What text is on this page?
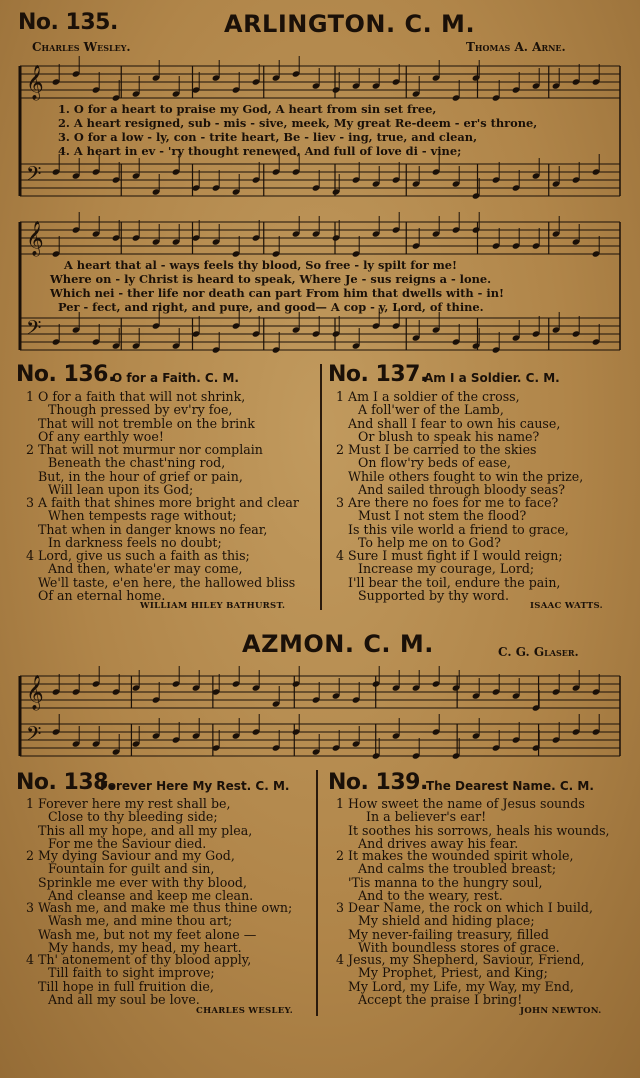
𝄞
𝄢
𝄞
𝄢
𝄞
𝄢
No. 135.	ARLINGTON. C. M.
Charles Wesley.	Thomas A. Arne.
1. O for a heart to praise my God, A heart from sin set free,
2. A heart resigned, sub - mis - sive, meek, My great Re-deem - er's throne,
3. O for a low - ly, con - trite heart, Be - liev - ing, true, and clean,
4. A heart in ev - 'ry thought renewed, And full of love di - vine;
A heart that al - ways feels thy blood, So free - ly spilt for me!
Where on - ly Christ is heard to speak, Where Je - sus reigns a - lone.
Which nei - ther life nor death can part From him that dwells with - in!
Per - fect, and right, and pure, and good— A cop - y, Lord, of thine.
No. 136.
O for a Faith. C. M.	No. 137.
Am I a Soldier. C. M.
1 O for a faith that will not shrink,
Though pressed by ev'ry foe,
That will not tremble on the brink
Of any earthly woe!
2 That will not murmur nor complain
Beneath the chast'ning rod,
But, in the hour of grief or pain,
Will lean upon its God;
3 A faith that shines more bright and clear
When tempests rage without;
That when in danger knows no fear,
In darkness feels no doubt;
4 Lord, give us such a faith as this;
And then, whate'er may come,
We'll taste, e'en here, the hallowed bliss
Of an eternal home.
WILLIAM HILEY BATHURST.
1 Am I a soldier of the cross,
A foll'wer of the Lamb,
And shall I fear to own his cause,
Or blush to speak his name?
2 Must I be carried to the skies
On flow'ry beds of ease,
While others fought to win the prize,
And sailed through bloody seas?
3 Are there no foes for me to face?
Must I not stem the flood?
Is this vile world a friend to grace,
To help me on to God?
4 Sure I must fight if I would reign;
Increase my courage, Lord;
I'll bear the toil, endure the pain,
Supported by thy word.
ISAAC WATTS.
AZMON. C. M.	C. G. Glaser.
No. 138.
Forever Here My Rest. C. M. No. 139.
The Dearest Name. C. M.
1 Forever here my rest shall be,
Close to thy bleeding side;
This all my hope, and all my plea,
For me the Saviour died.
2 My dying Saviour and my God,
Fountain for guilt and sin,
Sprinkle me ever with thy blood,
And cleanse and keep me clean.
3 Wash me, and make me thus thine own;
Wash me, and mine thou art;
Wash me, but not my feet alone —
My hands, my head, my heart.
4 Th' atonement of thy blood apply,
Till faith to sight improve;
Till hope in full fruition die,
And all my soul be love.
CHARLES WESLEY.
1 How sweet the name of Jesus sounds
In a believer's ear!
It soothes his sorrows, heals his wounds,
And drives away his fear.
2 It makes the wounded spirit whole,
And calms the troubled breast;
'Tis manna to the hungry soul,
And to the weary, rest.
3 Dear Name, the rock on which I build,
My shield and hiding place;
My never-failing treasury, filled
With boundless stores of grace.
4 Jesus, my Shepherd, Saviour, Friend,
My Prophet, Priest, and King;
My Lord, my Life, my Way, my End,
Accept the praise I bring!
JOHN NEWTON.
